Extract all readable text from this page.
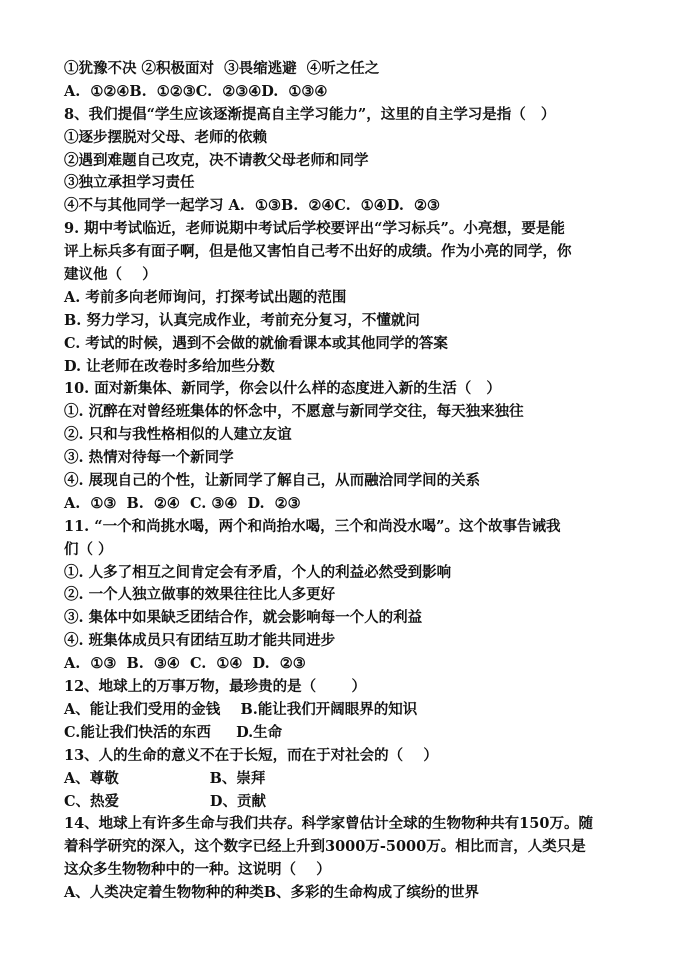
①犹豫不决 ②积极面对  ③畏缩逃避  ④听之任之
A.  ①②④B.  ①②③C.  ②③④D.  ①③④
8、我们提倡“学生应该逐渐提高自主学习能力”，这里的自主学习是指（   ）
①逐步摆脱对父母、老师的依赖
②遇到难题自己攻克，决不请教父母老师和同学
③独立承担学习责任
④不与其他同学一起学习 A.  ①③B.  ②④C.  ①④D.  ②③
9. 期中考试临近，老师说期中考试后学校要评出“学习标兵”。小亮想，要是能
评上标兵多有面子啊，但是他又害怕自己考不出好的成绩。作为小亮的同学，你
建议他（    ）
A. 考前多向老师询问，打探考试出题的范围
B. 努力学习，认真完成作业，考前充分复习，不懂就问
C. 考试的时候，遇到不会做的就偷看课本或其他同学的答案
D. 让老师在改卷时多给加些分数
10. 面对新集体、新同学，你会以什么样的态度进入新的生活（   ）
①. 沉醉在对曾经班集体的怀念中，不愿意与新同学交往，每天独来独往
②. 只和与我性格相似的人建立友谊
③. 热情对待每一个新同学
④. 展现自己的个性，让新同学了解自己，从而融洽同学间的关系
A.  ①③  B.  ②④  C. ③④  D.  ②③
11. “一个和尚挑水喝，两个和尚抬水喝，三个和尚没水喝”。这个故事告诫我
们（ ）
①. 人多了相互之间肯定会有矛盾，个人的利益必然受到影响
②. 一个人独立做事的效果往往比人多更好
③. 集体中如果缺乏团结合作，就会影响每一个人的利益
④. 班集体成员只有团结互助才能共同进步
A.  ①③  B.  ③④  C.  ①④  D.  ②③
12、地球上的万事万物，最珍贵的是（       ）
A、能让我们受用的金钱    B.能让我们开阔眼界的知识
C.能让我们快活的东西     D.生命
13、人的生命的意义不在于长短，而在于对社会的（    ）
A、尊敬                  B、崇拜
C、热爱                  D、贡献
14、地球上有许多生命与我们共存。科学家曾估计全球的生物物种共有150万。随
着科学研究的深入，这个数字已经上升到3000万-5000万。相比而言，人类只是
这众多生物物种中的一种。这说明（    ）
A、人类决定着生物物种的种类B、多彩的生命构成了缤纷的世界
